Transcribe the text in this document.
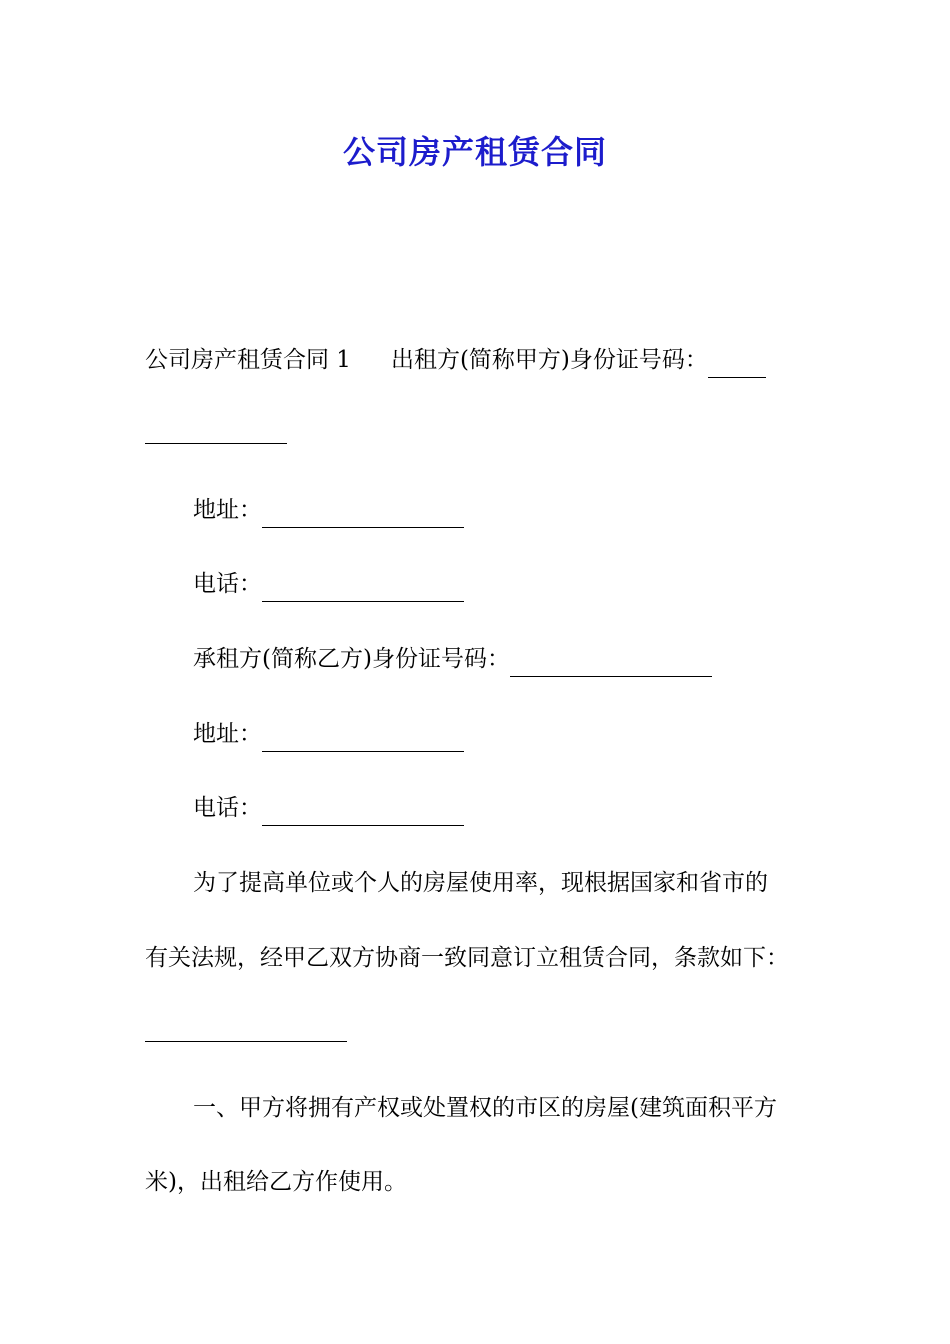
公司房产租赁合同
公司房产租赁合同 1 出租方(简称甲方)身份证号码：
地址：
电话：
承租方(简称乙方)身份证号码：
地址：
电话：
为了提高单位或个人的房屋使用率，现根据国家和省市的
有关法规，经甲乙双方协商一致同意订立租赁合同，条款如下：
一、甲方将拥有产权或处置权的市区的房屋(建筑面积平方
米)，出租给乙方作使用。
